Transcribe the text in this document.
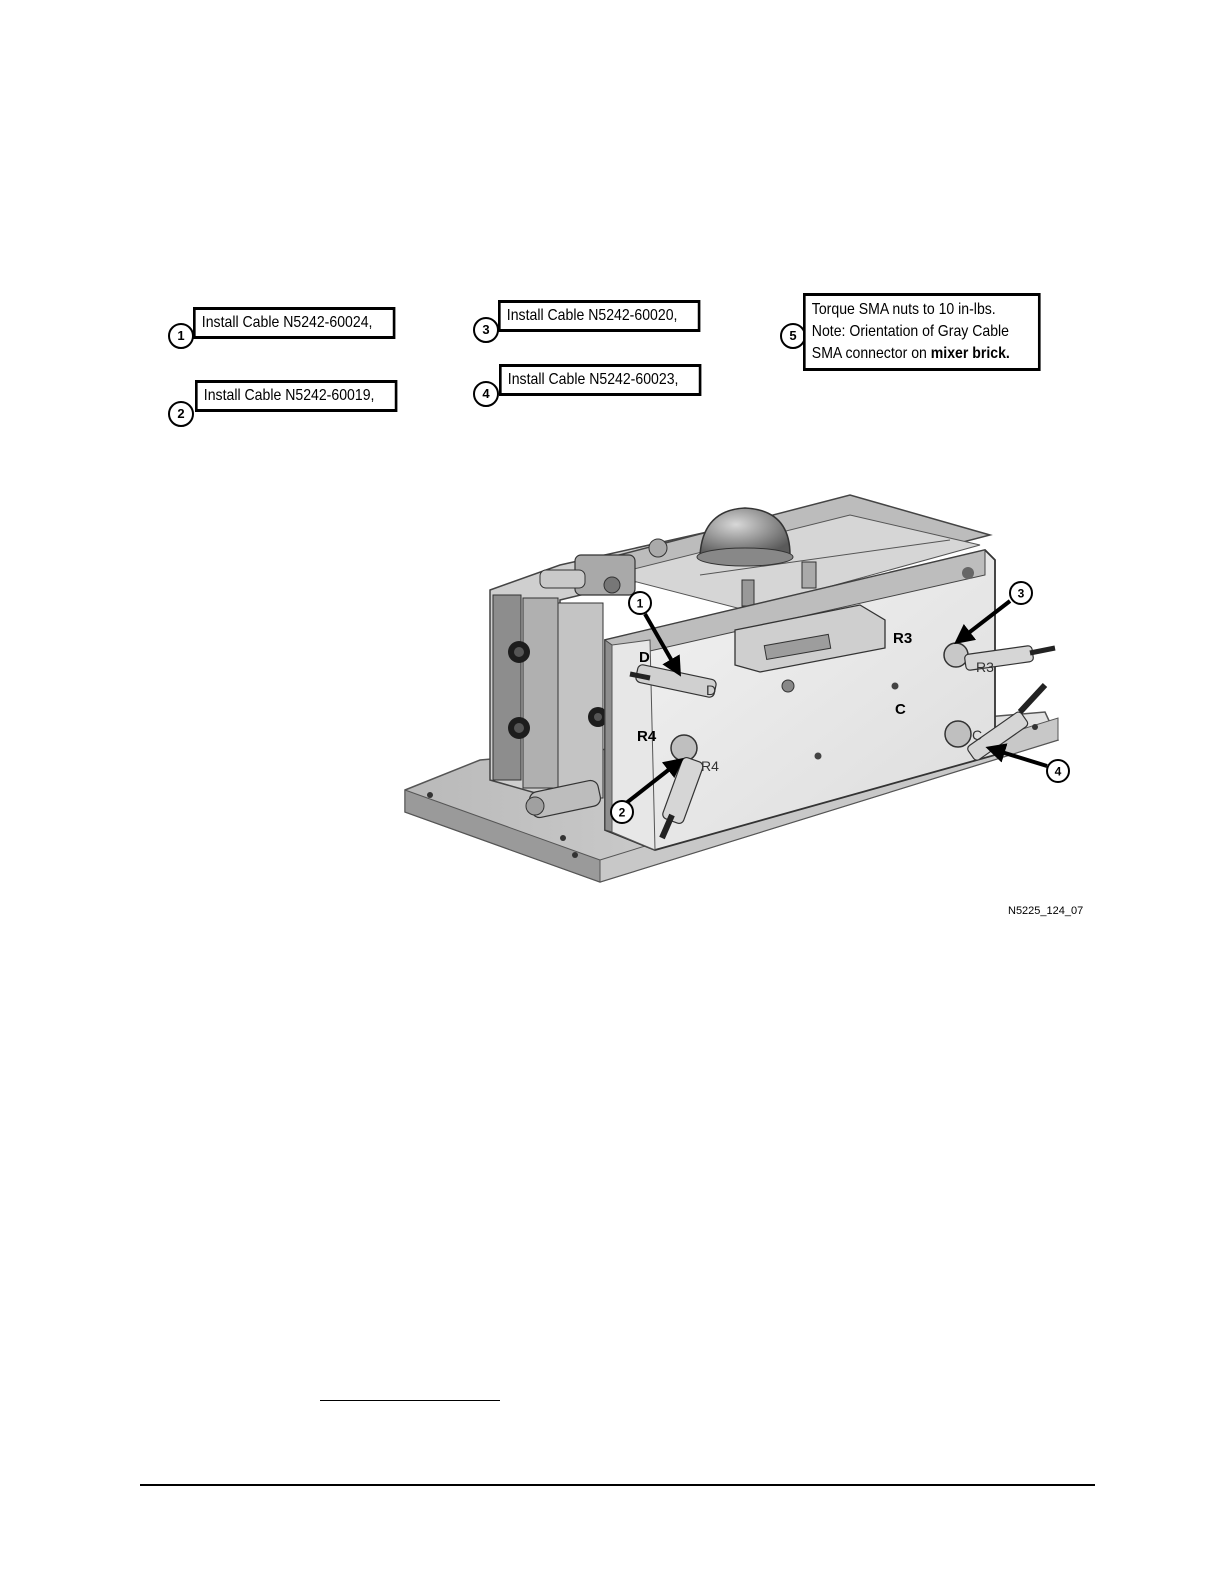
1
Install Cable N5242-60024,
2
Install Cable N5242-60019,
3
Install Cable N5242-60020,
4
Install Cable N5242-60023,
5
Torque SMA nuts to 10 in-lbs.
Note: Orientation of Gray Cable
SMA connector on mixer brick.
1
2
3
4
D
D
R3
R3
C
C
R4
R4
N5225_124_07
